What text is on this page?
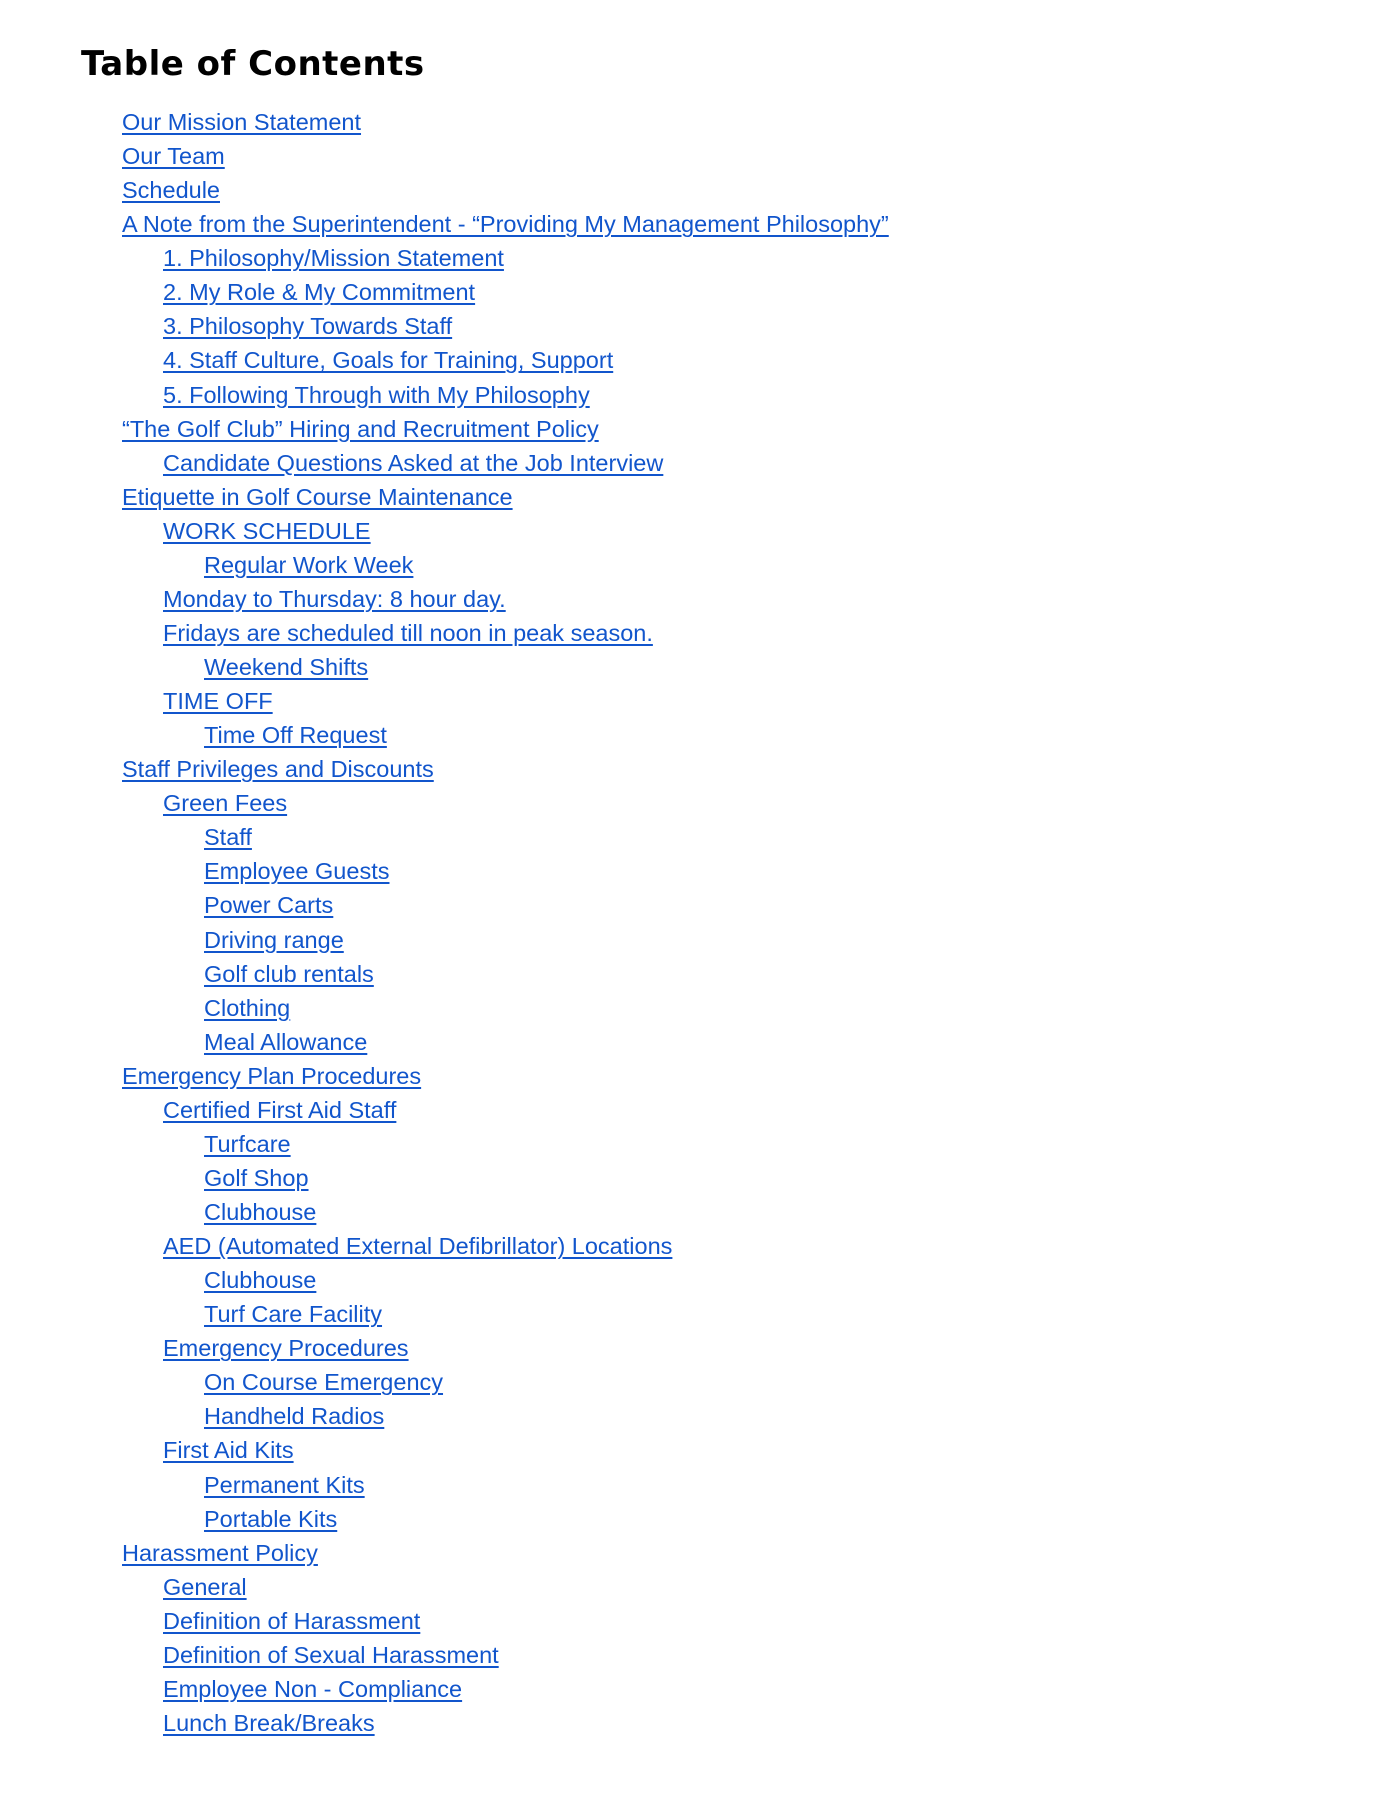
Table of Contents
Our Mission Statement
Our Team
Schedule
A Note from the Superintendent - “Providing My Management Philosophy”
1. Philosophy/Mission Statement
2. My Role & My Commitment
3. Philosophy Towards Staff
4. Staff Culture, Goals for Training, Support
5. Following Through with My Philosophy
“The Golf Club” Hiring and Recruitment Policy
Candidate Questions Asked at the Job Interview
Etiquette in Golf Course Maintenance
WORK SCHEDULE
Regular Work Week
Monday to Thursday: 8 hour day.
Fridays are scheduled till noon in peak season.
Weekend Shifts
TIME OFF
Time Off Request
Staff Privileges and Discounts
Green Fees
Staff
Employee Guests
Power Carts
Driving range
Golf club rentals
Clothing
Meal Allowance
Emergency Plan Procedures
Certified First Aid Staff
Turfcare
Golf Shop
Clubhouse
AED (Automated External Defibrillator) Locations
Clubhouse
Turf Care Facility
Emergency Procedures
On Course Emergency
Handheld Radios
First Aid Kits
Permanent Kits
Portable Kits
Harassment Policy
General
Definition of Harassment
Definition of Sexual Harassment
Employee Non - Compliance
Lunch Break/Breaks
